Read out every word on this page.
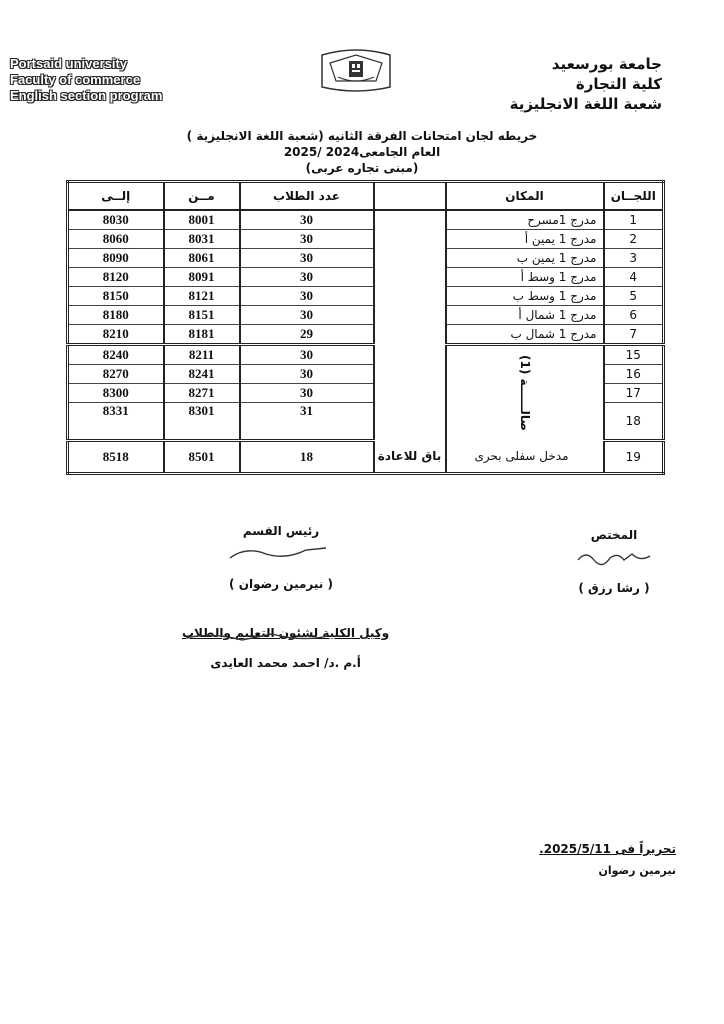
Portsaid university
Faculty of commerce
English section program
جامعة بورسعيد
كلية التجارة
شعبة اللغة الانجليزية
خريطه لجان امتحانات الفرقة الثانيه (شعبة اللغة الانجليزية )
العام الجامعى2024 /2025
(مبنى تجاره عربى)
اللجــان	المكان		عدد الطلاب	مــن	إلــى
1	مدرج 1مسرح		30	8001	8030
2	مدرج 1 يمين أ		30	8031	8060
3	مدرج 1 يمين ب		30	8061	8090
4	مدرج 1 وسط أ		30	8091	8120
5	مدرج 1 وسط ب		30	8121	8150
6	مدرج 1 شمال أ		30	8151	8180
7	مدرج 1 شمال ب		29	8181	8210
15	صالــــــة (1)		30	8211	8240
16			30	8241	8270
17			30	8271	8300
18			31	8301	8331
19	مدخل سفلى بحرى	باق للاعادة	18	8501	8518
المختص
( رشا رزق )
رئيس القسم
( نيرمين رضوان )
وكيل الكلية لشئون التعليم والطلاب
أ.م .د/ احمد محمد العايدى
تحريراً فى 2025/5/11.
نيرمين رضوان
